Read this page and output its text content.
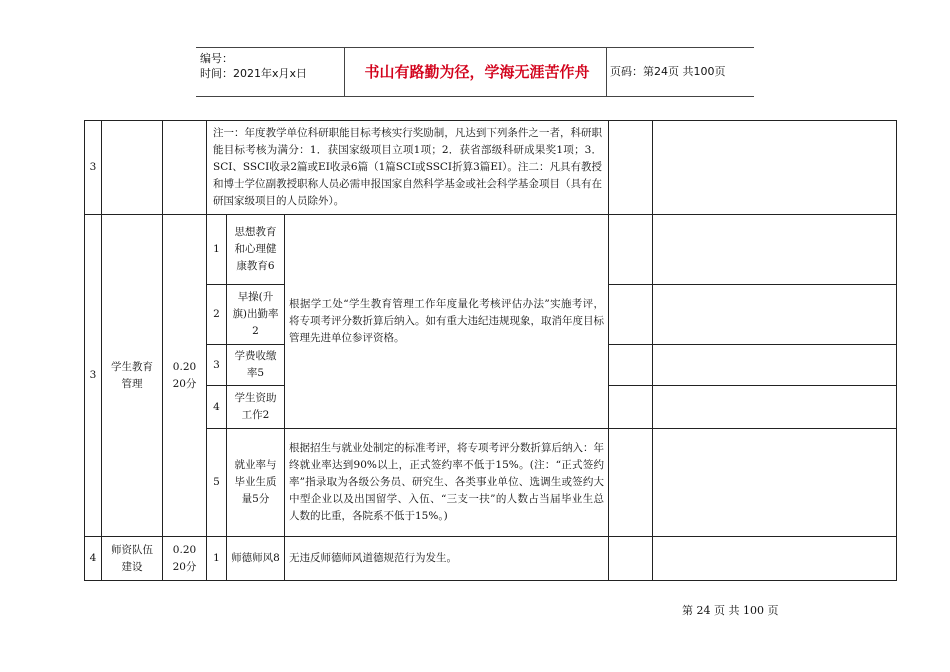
编号：
时间：2021年x月x日	书山有路勤为径，学海无涯苦作舟	页码：第24页 共100页
3			注一：年度教学单位科研职能目标考核实行奖励制，凡达到下列条件之一者，科研职能目标考核为满分：1．获国家级项目立项1项；2．获省部级科研成果奖1项；3．SCI、SSCI收录2篇或EI收录6篇（1篇SCI或SSCI折算3篇EI）。注二：凡具有教授和博士学位副教授职称人员必需申报国家自然科学基金或社会科学基金项目（具有在研国家级项目的人员除外）。				
3	学生教育管理	0.20 20分	1	思想教育和心理健康教育6	根据学工处“学生教育管理工作年度量化考核评估办法”实施考评，将专项考评分数折算后纳入。如有重大违纪违规现象，取消年度目标管理先进单位参评资格。		
			2	早操(升旗)出勤率2			
			3	学费收缴率5			
			4	学生资助工作2			
			5	就业率与毕业生质量5分	根据招生与就业处制定的标准考评，将专项考评分数折算后纳入：年终就业率达到90%以上，正式签约率不低于15%。(注：“正式签约率”指录取为各级公务员、研究生、各类事业单位、选调生或签约大中型企业以及出国留学、入伍、“三支一扶”的人数占当届毕业生总人数的比重，各院系不低于15%。)		
4	师资队伍建设	0.20 20分	1	师德师风8	无违反师德师风道德规范行为发生。		
第 24 页 共 100 页
